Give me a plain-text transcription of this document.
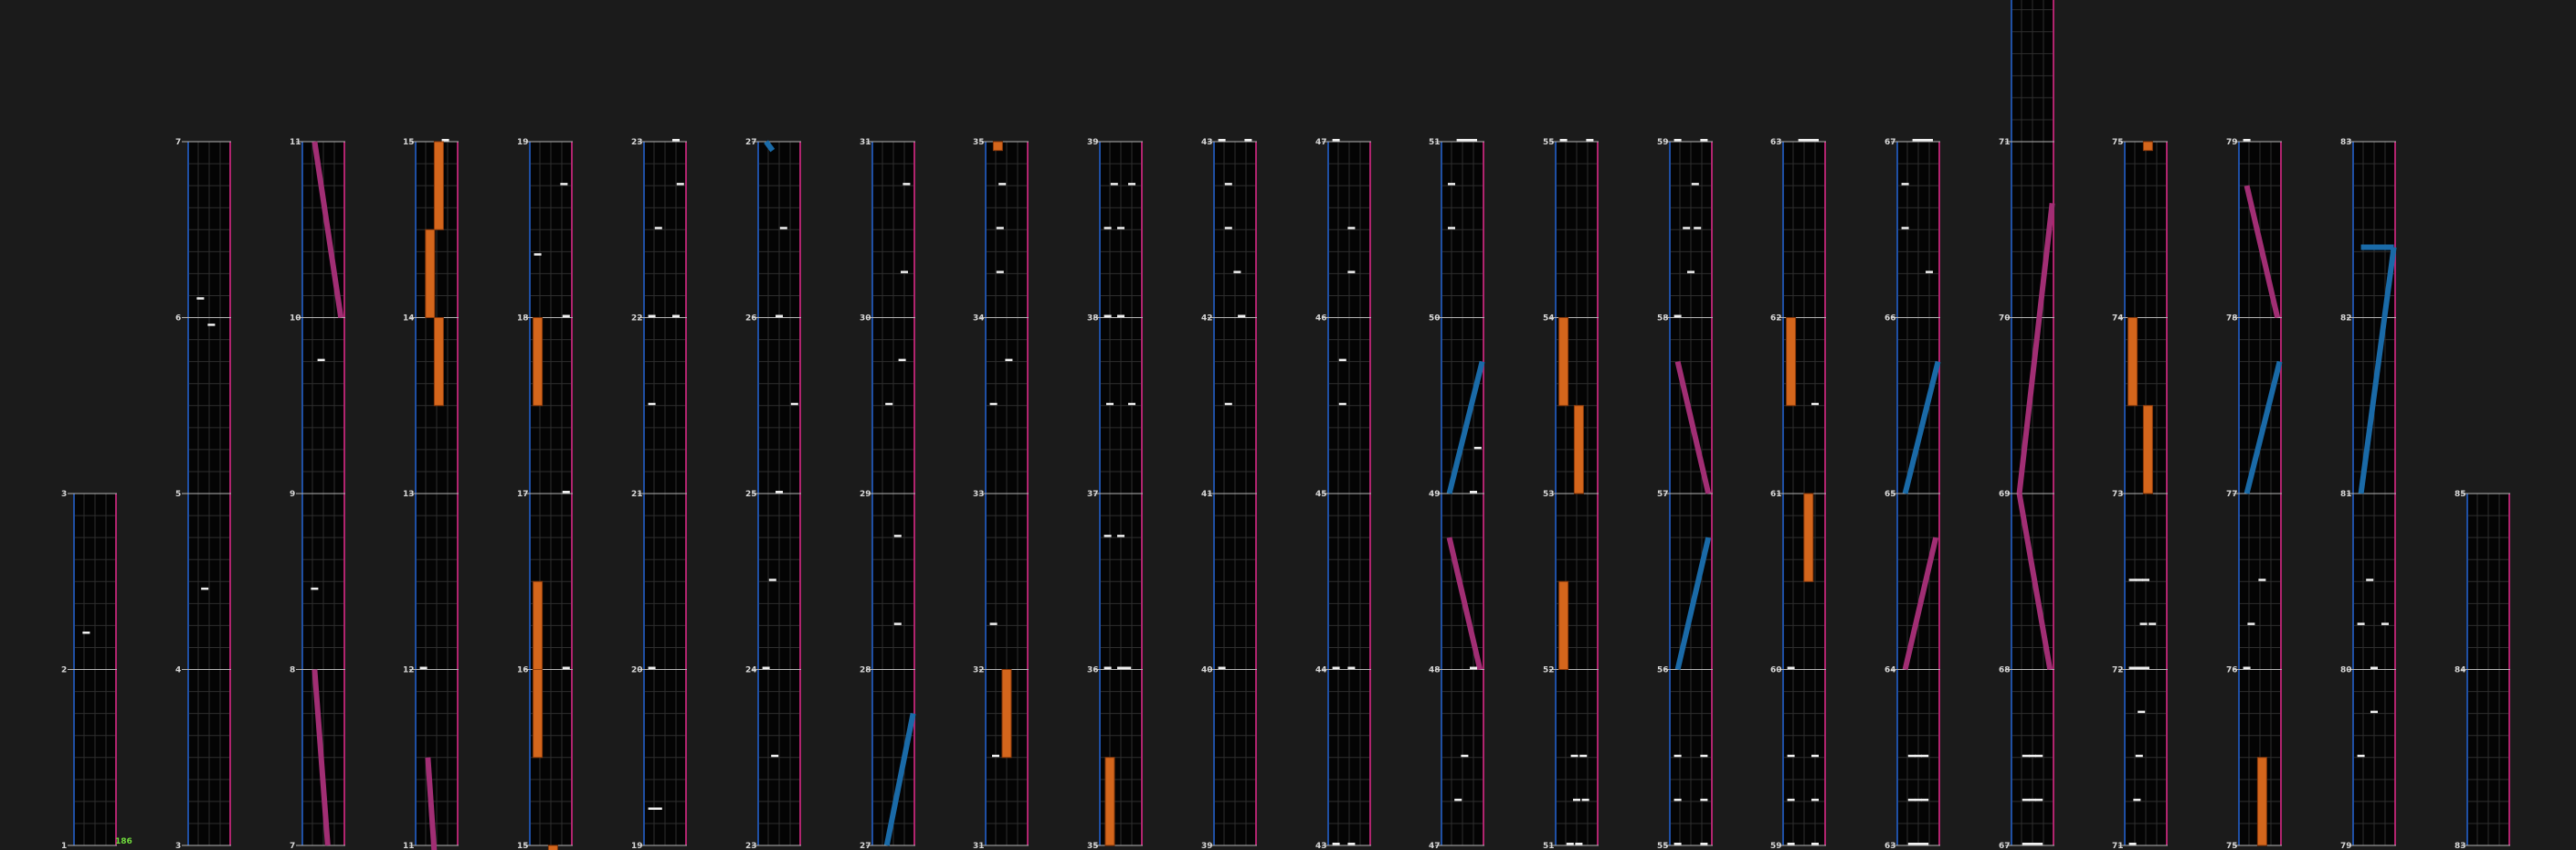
1
2
3
3
4
5
6
7
7
8
9
10
11
11
12
13
14
15
15
16
17
18
19
19
20
21
22
23
23
24
25
26
27
27
28
29
30
31
31
32
33
34
35
35
36
37
38
39
39
40
41
42
43
43
44
45
46
47
47
48
49
50
51
51
52
53
54
55
55
56
57
58
59
59
60
61
62
63
63
64
65
66
67
67
68
69
70
71
71
72
73
74
75
75
76
77
78
79
79
80
81
82
83
83
84
85
186
